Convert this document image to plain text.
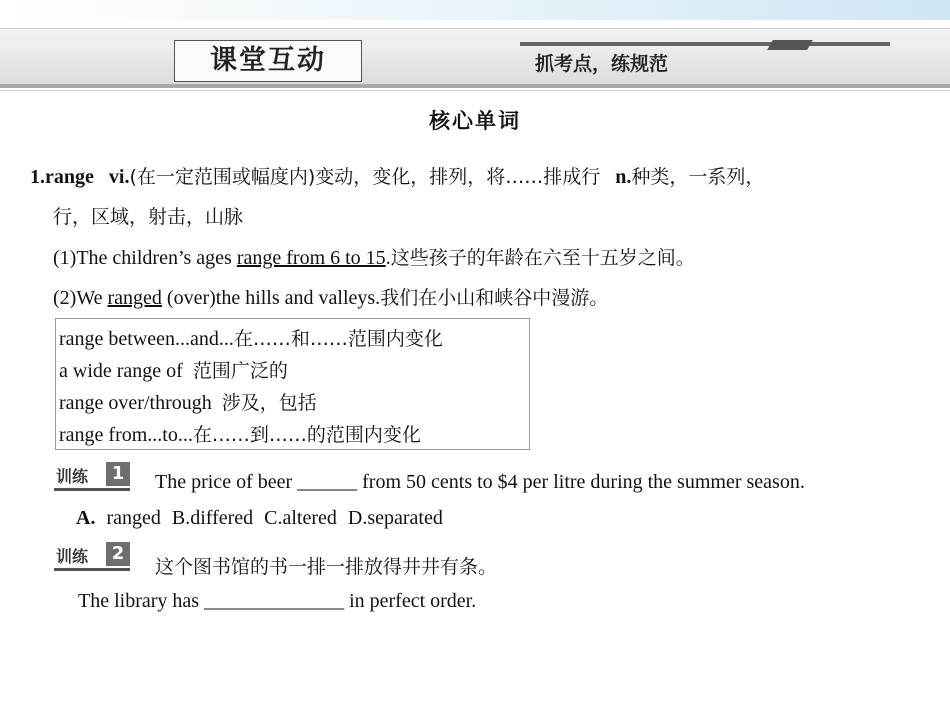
课堂互动	抓考点，练规范
核心单词
1.range vi.(在一定范围或幅度内)变动，变化，排列，将……排成行 n.种类，一系列，
行，区域，射击，山脉
(1)The children’s ages range from 6 to 15.这些孩子的年龄在六至十五岁之间。
(2)We ranged (over)the hills and valleys.我们在小山和峡谷中漫游。
range between...and...在……和……范围内变化
a wide range of  范围广泛的
range over/through  涉及，包括
range from...to...在……到……的范围内变化
训练	1 The price of beer ______ from 50 cents to $4 per litre during the summer season.
A. ranged B.differed C.altered D.separated
训练	2
这个图书馆的书一排一排放得井井有条。
The library has ______________ in perfect order.
